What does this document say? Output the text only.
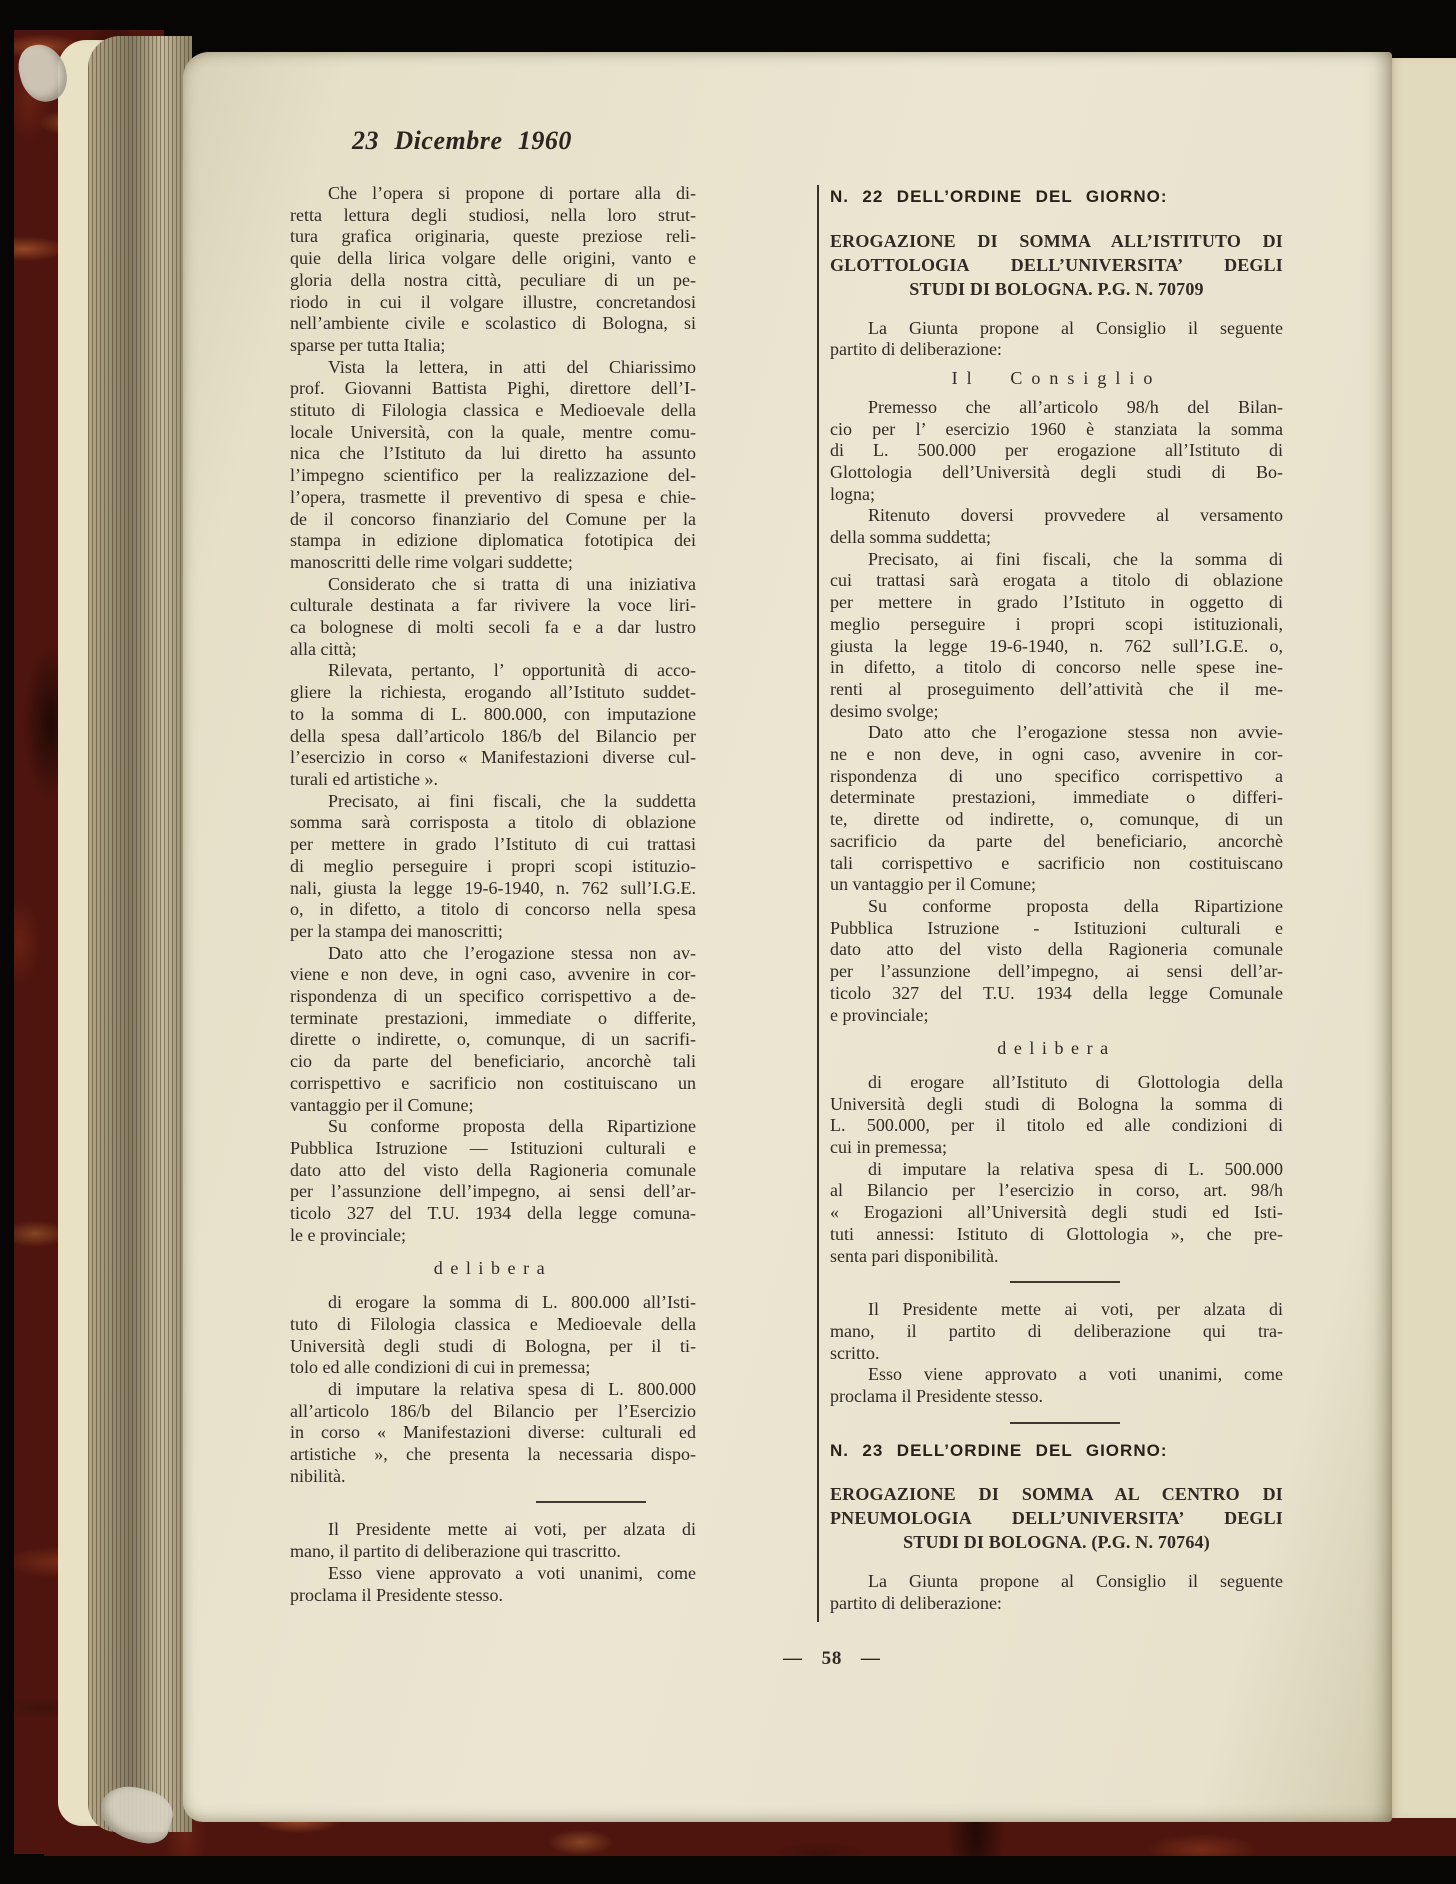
23 Dicembre 1960
Che l’opera si propone di portare alla di-
retta lettura degli studiosi, nella loro strut-
tura grafica originaria, queste preziose reli-
quie della lirica volgare delle origini, vanto e
gloria della nostra città, peculiare di un pe-
riodo in cui il volgare illustre, concretandosi
nell’ambiente civile e scolastico di Bologna, si
sparse per tutta Italia;
Vista la lettera, in atti del Chiarissimo
prof. Giovanni Battista Pighi, direttore dell’I-
stituto di Filologia classica e Medioevale della
locale Università, con la quale, mentre comu-
nica che l’Istituto da lui diretto ha assunto
l’impegno scientifico per la realizzazione del-
l’opera, trasmette il preventivo di spesa e chie-
de il concorso finanziario del Comune per la
stampa in edizione diplomatica fototipica dei
manoscritti delle rime volgari suddette;
Considerato che si tratta di una iniziativa
culturale destinata a far rivivere la voce liri-
ca bolognese di molti secoli fa e a dar lustro
alla città;
Rilevata, pertanto, l’ opportunità di acco-
gliere la richiesta, erogando all’Istituto suddet-
to la somma di L. 800.000, con imputazione
della spesa dall’articolo 186/b del Bilancio per
l’esercizio in corso « Manifestazioni diverse cul-
turali ed artistiche ».
Precisato, ai fini fiscali, che la suddetta
somma sarà corrisposta a titolo di oblazione
per mettere in grado l’Istituto di cui trattasi
di meglio perseguire i propri scopi istituzio-
nali, giusta la legge 19-6-1940, n. 762 sull’I.G.E.
o, in difetto, a titolo di concorso nella spesa
per la stampa dei manoscritti;
Dato atto che l’erogazione stessa non av-
viene e non deve, in ogni caso, avvenire in cor-
rispondenza di un specifico corrispettivo a de-
terminate prestazioni, immediate o differite,
dirette o indirette, o, comunque, di un sacrifi-
cio da parte del beneficiario, ancorchè tali
corrispettivo e sacrificio non costituiscano un
vantaggio per il Comune;
Su conforme proposta della Ripartizione
Pubblica Istruzione — Istituzioni culturali e
dato atto del visto della Ragioneria comunale
per l’assunzione dell’impegno, ai sensi dell’ar-
ticolo 327 del T.U. 1934 della legge comuna-
le e provinciale;
delibera
di erogare la somma di L. 800.000 all’Isti-
tuto di Filologia classica e Medioevale della
Università degli studi di Bologna, per il ti-
tolo ed alle condizioni di cui in premessa;
di imputare la relativa spesa di L. 800.000
all’articolo 186/b del Bilancio per l’Esercizio
in corso « Manifestazioni diverse: culturali ed
artistiche », che presenta la necessaria dispo-
nibilità.
Il Presidente mette ai voti, per alzata di
mano, il partito di deliberazione qui trascritto.
Esso viene approvato a voti unanimi, come
proclama il Presidente stesso.
N. 22 DELL’ORDINE DEL GIORNO:
EROGAZIONE DI SOMMA ALL’ISTITUTO DI
GLOTTOLOGIA DELL’UNIVERSITA’ DEGLI
STUDI DI BOLOGNA. P.G. N. 70709
La Giunta propone al Consiglio il seguente
partito di deliberazione:
Il Consiglio
Premesso che all’articolo 98/h del Bilan-
cio per l’ esercizio 1960 è stanziata la somma
di L. 500.000 per erogazione all’Istituto di
Glottologia dell’Università degli studi di Bo-
logna;
Ritenuto doversi provvedere al versamento
della somma suddetta;
Precisato, ai fini fiscali, che la somma di
cui trattasi sarà erogata a titolo di oblazione
per mettere in grado l’Istituto in oggetto di
meglio perseguire i propri scopi istituzionali,
giusta la legge 19-6-1940, n. 762 sull’I.G.E. o,
in difetto, a titolo di concorso nelle spese ine-
renti al proseguimento dell’attività che il me-
desimo svolge;
Dato atto che l’erogazione stessa non avvie-
ne e non deve, in ogni caso, avvenire in cor-
rispondenza di uno specifico corrispettivo a
determinate prestazioni, immediate o differi-
te, dirette od indirette, o, comunque, di un
sacrificio da parte del beneficiario, ancorchè
tali corrispettivo e sacrificio non costituiscano
un vantaggio per il Comune;
Su conforme proposta della Ripartizione
Pubblica Istruzione - Istituzioni culturali e
dato atto del visto della Ragioneria comunale
per l’assunzione dell’impegno, ai sensi dell’ar-
ticolo 327 del T.U. 1934 della legge Comunale
e provinciale;
delibera
di erogare all’Istituto di Glottologia della
Università degli studi di Bologna la somma di
L. 500.000, per il titolo ed alle condizioni di
cui in premessa;
di imputare la relativa spesa di L. 500.000
al Bilancio per l’esercizio in corso, art. 98/h
« Erogazioni all’Università degli studi ed Isti-
tuti annessi: Istituto di Glottologia », che pre-
senta pari disponibilità.
Il Presidente mette ai voti, per alzata di
mano, il partito di deliberazione qui tra-
scritto.
Esso viene approvato a voti unanimi, come
proclama il Presidente stesso.
N. 23 DELL’ORDINE DEL GIORNO:
EROGAZIONE DI SOMMA AL CENTRO DI
PNEUMOLOGIA DELL’UNIVERSITA’ DEGLI
STUDI DI BOLOGNA. (P.G. N. 70764)
La Giunta propone al Consiglio il seguente
partito di deliberazione:
— 58 —
